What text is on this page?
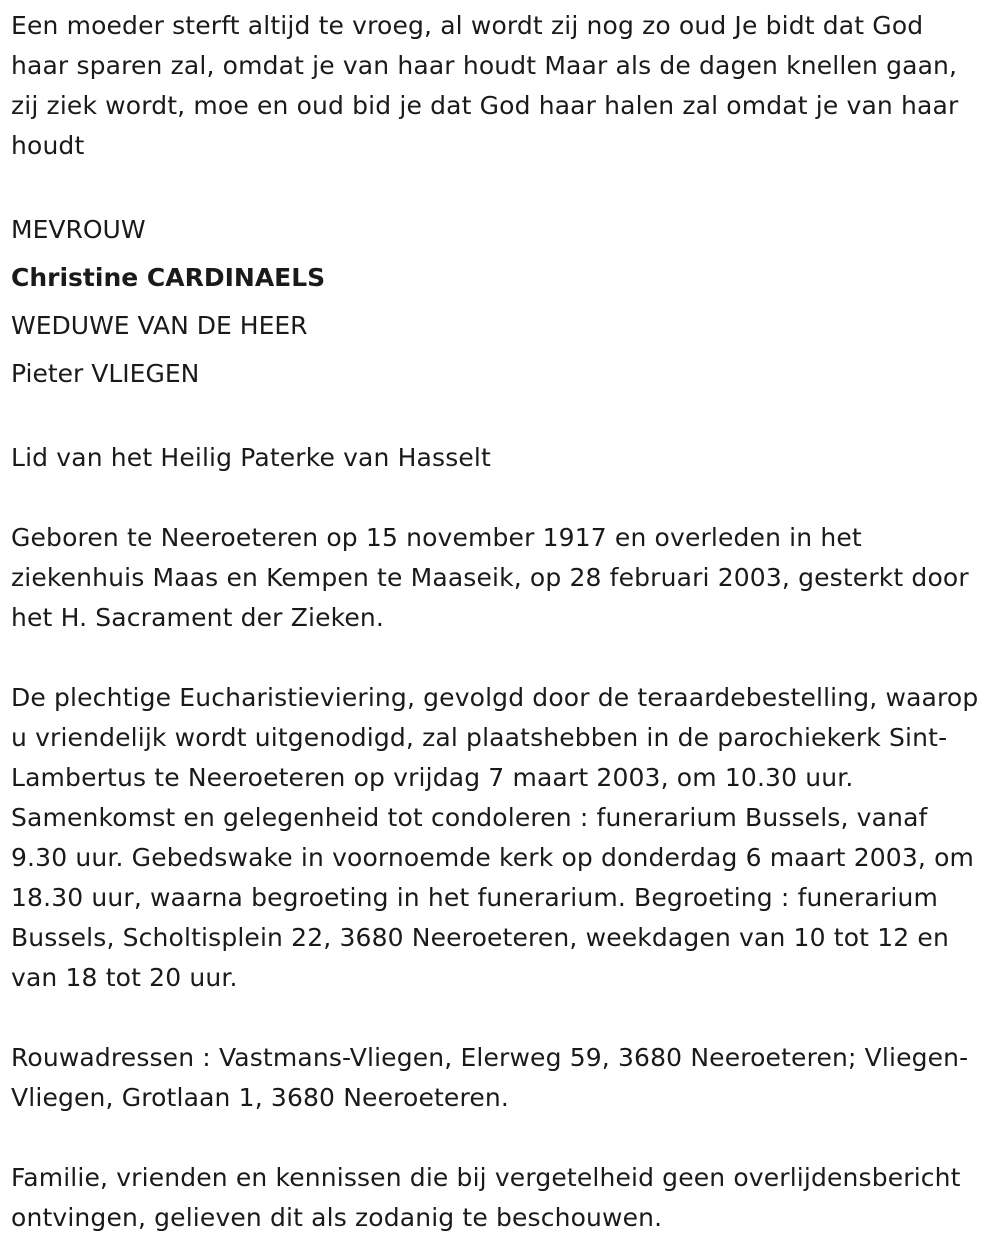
Een moeder sterft altijd te vroeg, al wordt zij nog zo oud Je bidt dat God haar sparen zal, omdat je van haar houdt Maar als de dagen knellen gaan, zij ziek wordt, moe en oud bid je dat God haar halen zal omdat je van haar houdt

MEVROUW

Christine CARDINAELS

WEDUWE VAN DE HEER

Pieter VLIEGEN

Lid van het Heilig Paterke van Hasselt

Geboren te Neeroeteren op 15 november 1917 en overleden in het ziekenhuis Maas en Kempen te Maaseik, op 28 februari 2003, gesterkt door het H. Sacrament der Zieken.

De plechtige Eucharistieviering, gevolgd door de teraardebestelling, waarop u vriendelijk wordt uitgenodigd, zal plaatshebben in de parochiekerk Sint-Lambertus te Neeroeteren op vrijdag 7 maart 2003, om 10.30 uur. Samenkomst en gelegenheid tot condoleren : funerarium Bussels, vanaf 9.30 uur. Gebedswake in voornoemde kerk op donderdag 6 maart 2003, om 18.30 uur, waarna begroeting in het funerarium. Begroeting : funerarium Bussels, Scholtisplein 22, 3680 Neeroeteren, weekdagen van 10 tot 12 en van 18 tot 20 uur.

Rouwadressen : Vastmans-Vliegen, Elerweg 59, 3680 Neeroeteren; Vliegen-Vliegen, Grotlaan 1, 3680 Neeroeteren.

Familie, vrienden en kennissen die bij vergetelheid geen overlijdensbericht ontvingen, gelieven dit als zodanig te beschouwen.
